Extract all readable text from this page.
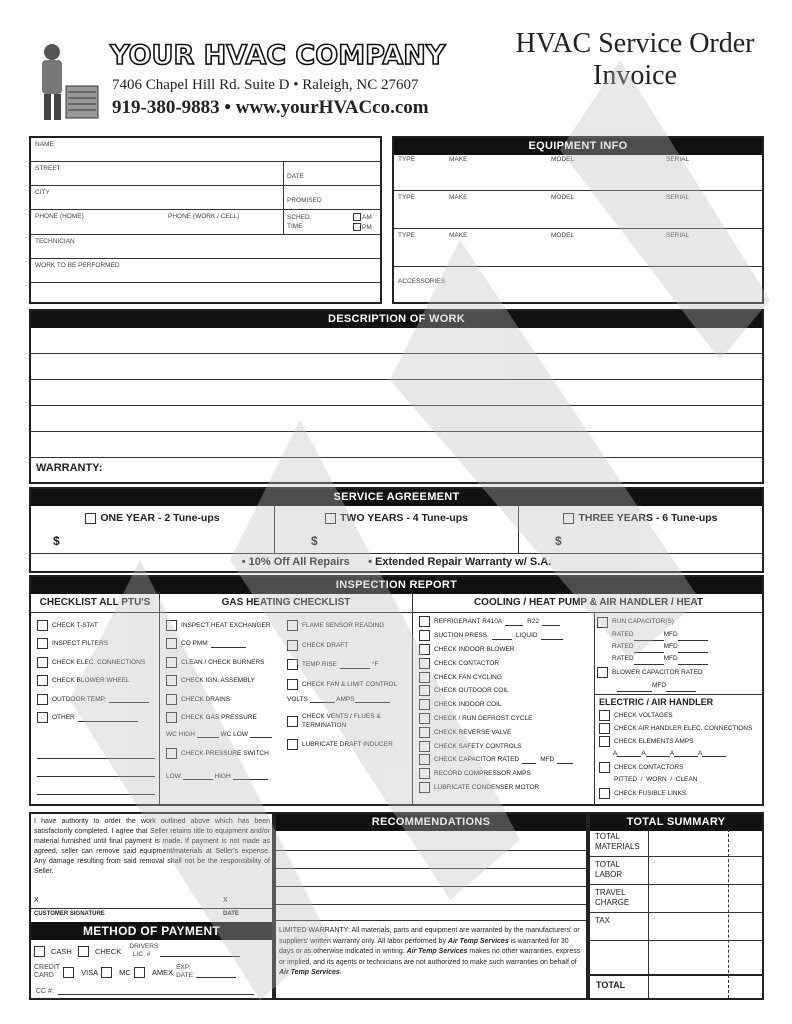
YOUR HVAC COMPANY
7406 Chapel Hill Rd. Suite D • Raleigh, NC 27607
919-380-9883 • www.yourHVACco.com
HVAC Service Order
Invoice
NAME
STREET
CITY
PHONE (HOME)	PHONE (WORK / CELL)
DATE
PROMISED
SCHED.
TIME
AM
PM
TECHNICIAN
WORK TO BE PERFORMED
EQUIPMENT INFO
TYPE	MAKE	MODEL	SERIAL
TYPE	MAKE	MODEL	SERIAL
TYPE	MAKE	MODEL	SERIAL
ACCESSORIES
DESCRIPTION OF WORK
WARRANTY:
SERVICE AGREEMENT
ONE YEAR - 2 Tune-ups
$
TWO YEARS - 4 Tune-ups
$
THREE YEARS - 6 Tune-ups
$
• 10% Off All Repairs • Extended Repair Warranty w/ S.A.
INSPECTION REPORT
CHECKLIST ALL PTU'S	GAS HEATING CHECKLIST	COOLING / HEAT PUMP & AIR HANDLER / HEAT
CHECK T-STAT
INSPECT FILTERS
CHECK ELEC. CONNECTIONS
CHECK BLOWER WHEEL
OUTDOOR TEMP.
OTHER
INSPECT HEAT EXCHANGER
CO PMM
CLEAN / CHECK BURNERS
CHECK IGN. ASSEMBLY
CHECK DRAINS
CHECK GAS PRESSURE
WC HIGH	WC LOW
CHECK PRESSURE SWITCH
LOW	HIGH
FLAME SENSOR READING
CHECK DRAFT
TEMP RISE	°F
CHECK FAN & LIMIT CONTROL
VOLTS	AMPS
CHECK VENTS / FLUES &
TERMINATION
LUBRICATE DRAFT INDUCER
REFRIGERANT R410A	R22
SUCTION PRESS.	LIQUID
CHECK INDOOR BLOWER
CHECK CONTACTOR
CHECK FAN CYCLING
CHECK OUTDOOR COIL
CHECK INDOOR COIL
CHECK / RUN DEFROST CYCLE
CHECK REVERSE VALVE
CHECK SAFETY CONTROLS
CHECK CAPACITOR RATED	MFD
RECORD COMPRESSOR AMPS
LUBRICATE CONDENSER MOTOR
RUN CAPACITOR(S)
RATED	MFD
RATED	MFD
RATED	MFD
BLOWER CAPACITOR RATED
MFD
ELECTRIC / AIR HANDLER
CHECK VOLTAGES
CHECK AIR HANDLER ELEC. CONNECTIONS
CHECK ELEMENTS AMPS
A	A	A	A
CHECK CONTACTORS
PITTED  /  WORN  /  CLEAN
CHECK FUSIBLE LINKS
I have authority to order the work outlined above which has been satisfactorily completed. I agree that Seller retains title to equipment and/or material furnished until final payment is made. If payment is not made as agreed, seller can remove said equipment/materials at Seller's expense. Any damage resulting from said removal shall not be the responsibility of Seller.
X	X
CUSTOMER SIGNATURE	DATE
METHOD OF PAYMENT
CASH
	CHECK
DRIVERS
LIC. #
CREDIT
CARD	VISA	MC	AMEX EXP.
DATE
CC #:
RECOMMENDATIONS
LIMITED WARRANTY: All materials, parts and equipment are warranted by the manufacturers' or suppliers' written warranty only. All labor performed by Air Temp Services is warranted for 30 days or as otherwise indicated in writing. Air Temp Services makes no other warranties, express or implied, and its agents or technicians are not authorized to make such warranties on behalf of Air Temp Services.
TOTAL SUMMARY
TOTAL MATERIALS
TOTAL LABOR
TRAVEL CHARGE
TAX
TOTAL
